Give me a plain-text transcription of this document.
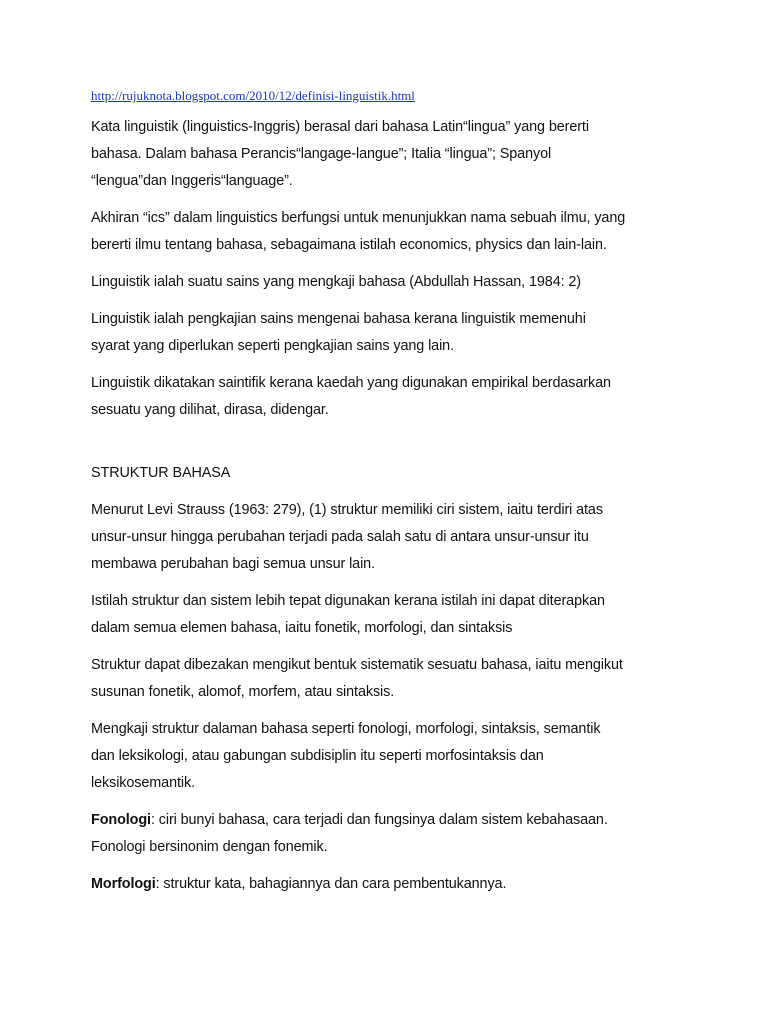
http://rujuknota.blogspot.com/2010/12/definisi-linguistik.html

Kata linguistik (linguistics-Inggris) berasal dari bahasa Latin“lingua” yang bererti
bahasa. Dalam bahasa Perancis“langage-langue”; Italia “lingua”; Spanyol
“lengua”dan Inggeris“language”.

Akhiran “ics” dalam linguistics berfungsi untuk menunjukkan nama sebuah ilmu, yang
bererti ilmu tentang bahasa, sebagaimana istilah economics, physics dan lain-lain.

Linguistik ialah suatu sains yang mengkaji bahasa (Abdullah Hassan, 1984: 2)

Linguistik ialah pengkajian sains mengenai bahasa kerana linguistik memenuhi
syarat yang diperlukan seperti pengkajian sains yang lain.

Linguistik dikatakan saintifik kerana kaedah yang digunakan empirikal berdasarkan
sesuatu yang dilihat, dirasa, didengar.

STRUKTUR BAHASA

Menurut Levi Strauss (1963: 279), (1) struktur memiliki ciri sistem, iaitu terdiri atas
unsur-unsur hingga perubahan terjadi pada salah satu di antara unsur-unsur itu
membawa perubahan bagi semua unsur lain.

Istilah struktur dan sistem lebih tepat digunakan kerana istilah ini dapat diterapkan
dalam semua elemen bahasa, iaitu fonetik, morfologi, dan sintaksis

Struktur dapat dibezakan mengikut bentuk sistematik sesuatu bahasa, iaitu mengikut
susunan fonetik, alomof, morfem, atau sintaksis.

Mengkaji struktur dalaman bahasa seperti fonologi, morfologi, sintaksis, semantik
dan leksikologi, atau gabungan subdisiplin itu seperti morfosintaksis dan
leksikosemantik.

Fonologi: ciri bunyi bahasa, cara terjadi dan fungsinya dalam sistem kebahasaan.
Fonologi bersinonim dengan fonemik.

Morfologi: struktur kata, bahagiannya dan cara pembentukannya.
